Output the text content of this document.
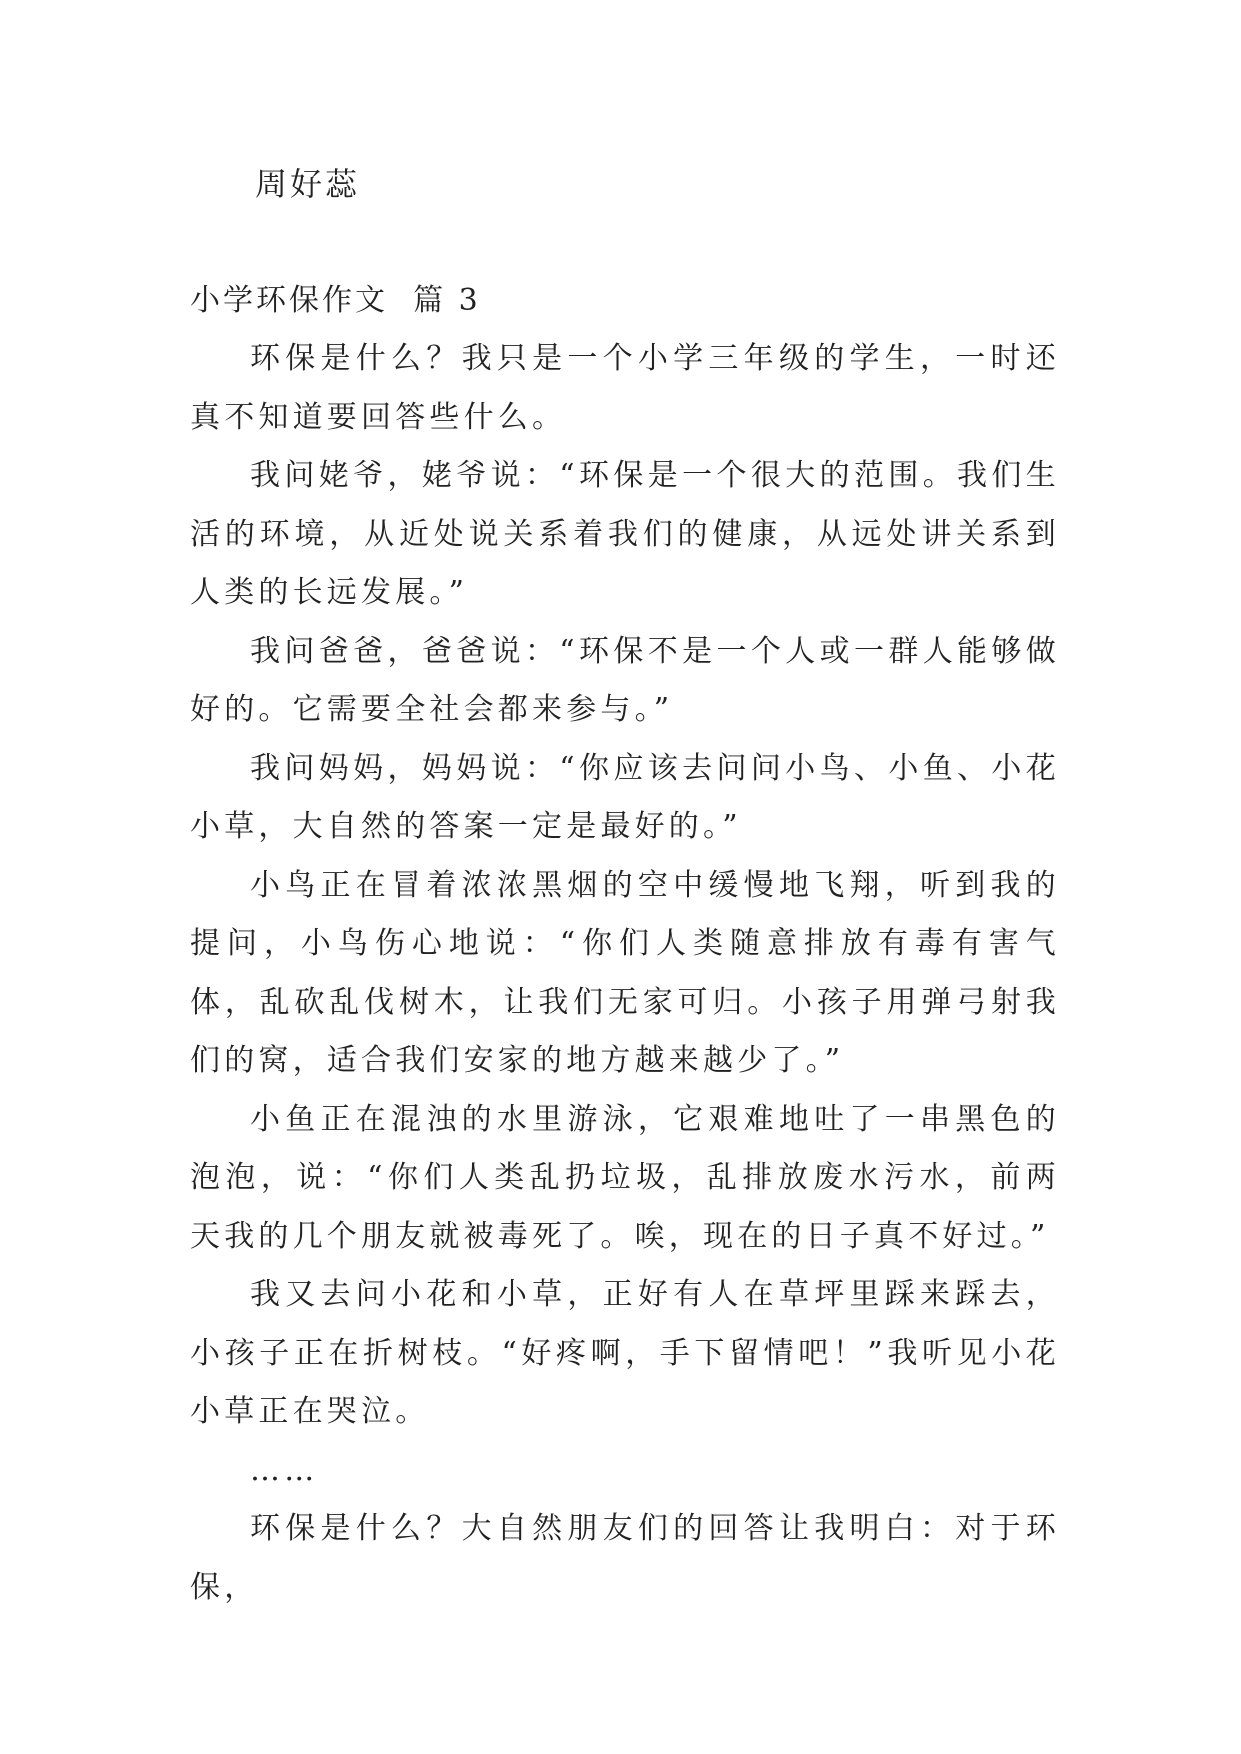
周好蕊
小学环保作文  篇 3

环保是什么？我只是一个小学三年级的学生，一时还真不知道要回答些什么。

我问姥爷，姥爷说：“环保是一个很大的范围。我们生活的环境，从近处说关系着我们的健康，从远处讲关系到人类的长远发展。”

我问爸爸，爸爸说：“环保不是一个人或一群人能够做好的。它需要全社会都来参与。”

我问妈妈，妈妈说：“你应该去问问小鸟、小鱼、小花小草，大自然的答案一定是最好的。”

小鸟正在冒着浓浓黑烟的空中缓慢地飞翔，听到我的提问，小鸟伤心地说：“你们人类随意排放有毒有害气体，乱砍乱伐树木，让我们无家可归。小孩子用弹弓射我们的窝，适合我们安家的地方越来越少了。”

小鱼正在混浊的水里游泳，它艰难地吐了一串黑色的泡泡，说：“你们人类乱扔垃圾，乱排放废水污水，前两天我的几个朋友就被毒死了。唉，现在的日子真不好过。”

我又去问小花和小草，正好有人在草坪里踩来踩去，小孩子正在折树枝。“好疼啊，手下留情吧！”我听见小花小草正在哭泣。

……

环保是什么？大自然朋友们的回答让我明白：对于环保，
